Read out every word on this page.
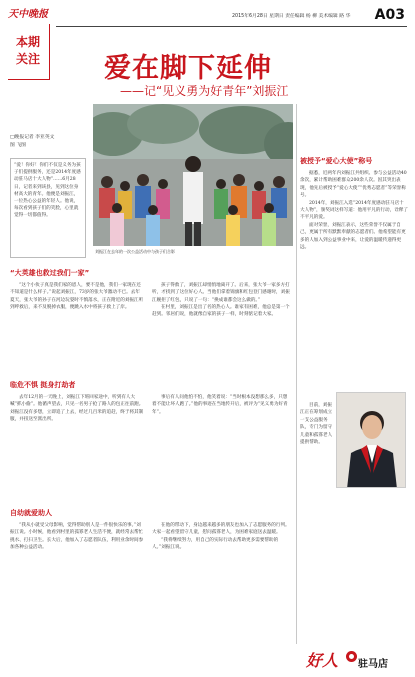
天中晚报	2015年6月28日 星期日 责任编辑 杨 柳 美术编辑 路 华 A03
本期
关注 爱在脚下延伸
——记“见义勇为好青年”刘振江
□晚报记者 李亚英文
图 飞图
“爱！你好！你们不仅是义务为孩子们提供服务，还是2014年度感动驻马店十大人物”……6月28日，记者来到该县，见到这位身材高大的青年。他便是刘振江，一位热心公益的年轻人。他说，每次看到孩子们的笑脸，心里就觉得一切都值得。
刘振江在去年的一次公益活动中与孩子们合影
“大英雄也救过我们一家”

“这个小伙子真是我们家的恩人，要不是他，我们一家现在还不知道是什么样子。”说起刘振江，73岁的张大爷激动不已。去年夏天，张大爷的孙子在河边玩耍时不慎落水，正在附近的刘振江听到呼救后，来不及脱掉衣服，便跳入水中将孩子救上了岸。

孩子得救了，刘振江却悄悄地离开了。后来，张大爷一家多方打听，才找到了这位好心人。当他们拿着锦旗和红包登门感谢时，刘振江婉拒了红包，只说了一句：“换成谁都会这么做的。”

在村里，刘振江是出了名的热心人。谁家有困难，他总是第一个赶到。邻居们说，他就像自家的孩子一样，时刻惦记着大家。

临危不惧 挺身打劫者

去年12月的一天晚上，刘振江下班回家途中，听到有人大喊“抓小偷”。他循声望去，只见一名男子抢了路人的包正往前跑。刘振江没有多想，立即追了上去，经过几百米的追赶，终于将其制服，并扭送至派出所。

事后有人问他怕不怕，他笑着说：“当时根本没想那么多，只想着不能让坏人跑了。”他的事迹在当地传开后，被评为“见义勇为好青年”。

自幼就爱助人

“我从小就受父母影响，觉得帮助别人是一件很快乐的事。”刘振江说。小时候，他看到村里的孤寡老人生活不便，就经常去帮忙挑水、打扫卫生。长大后，他加入了志愿者队伍，利用业余时间参加各种公益活动。

在他的带动下，身边越来越多的朋友也加入了志愿服务的行列。大家一起看望留守儿童，慰问孤寡老人，为困难家庭送去温暖。

“我将继续努力，用自己的实际行动去帮助更多需要帮助的人。”刘振江说。

被授予“爱心大使”称号

据悉，近两年内刘振江共组织、参与公益活动40余次，累计帮助困难群众200余人次。因其突出表现，他先后被授予“爱心大使”“优秀志愿者”等荣誉称号。

2014年，刘振江入选“2014年度感动驻马店十大人物”，颁奖词这样写道：他用平凡的行动，诠释了不平凡的爱。

面对荣誉，刘振江表示，这些荣誉不仅属于自己，更属于所有默默奉献的志愿者们。他希望能有更多的人加入到公益事业中来，让爱的温暖传递得更远。

目前，刘振江正在筹划成立一支公益服务队，专门为留守儿童和孤寡老人提供帮助。

好人 驻马店
